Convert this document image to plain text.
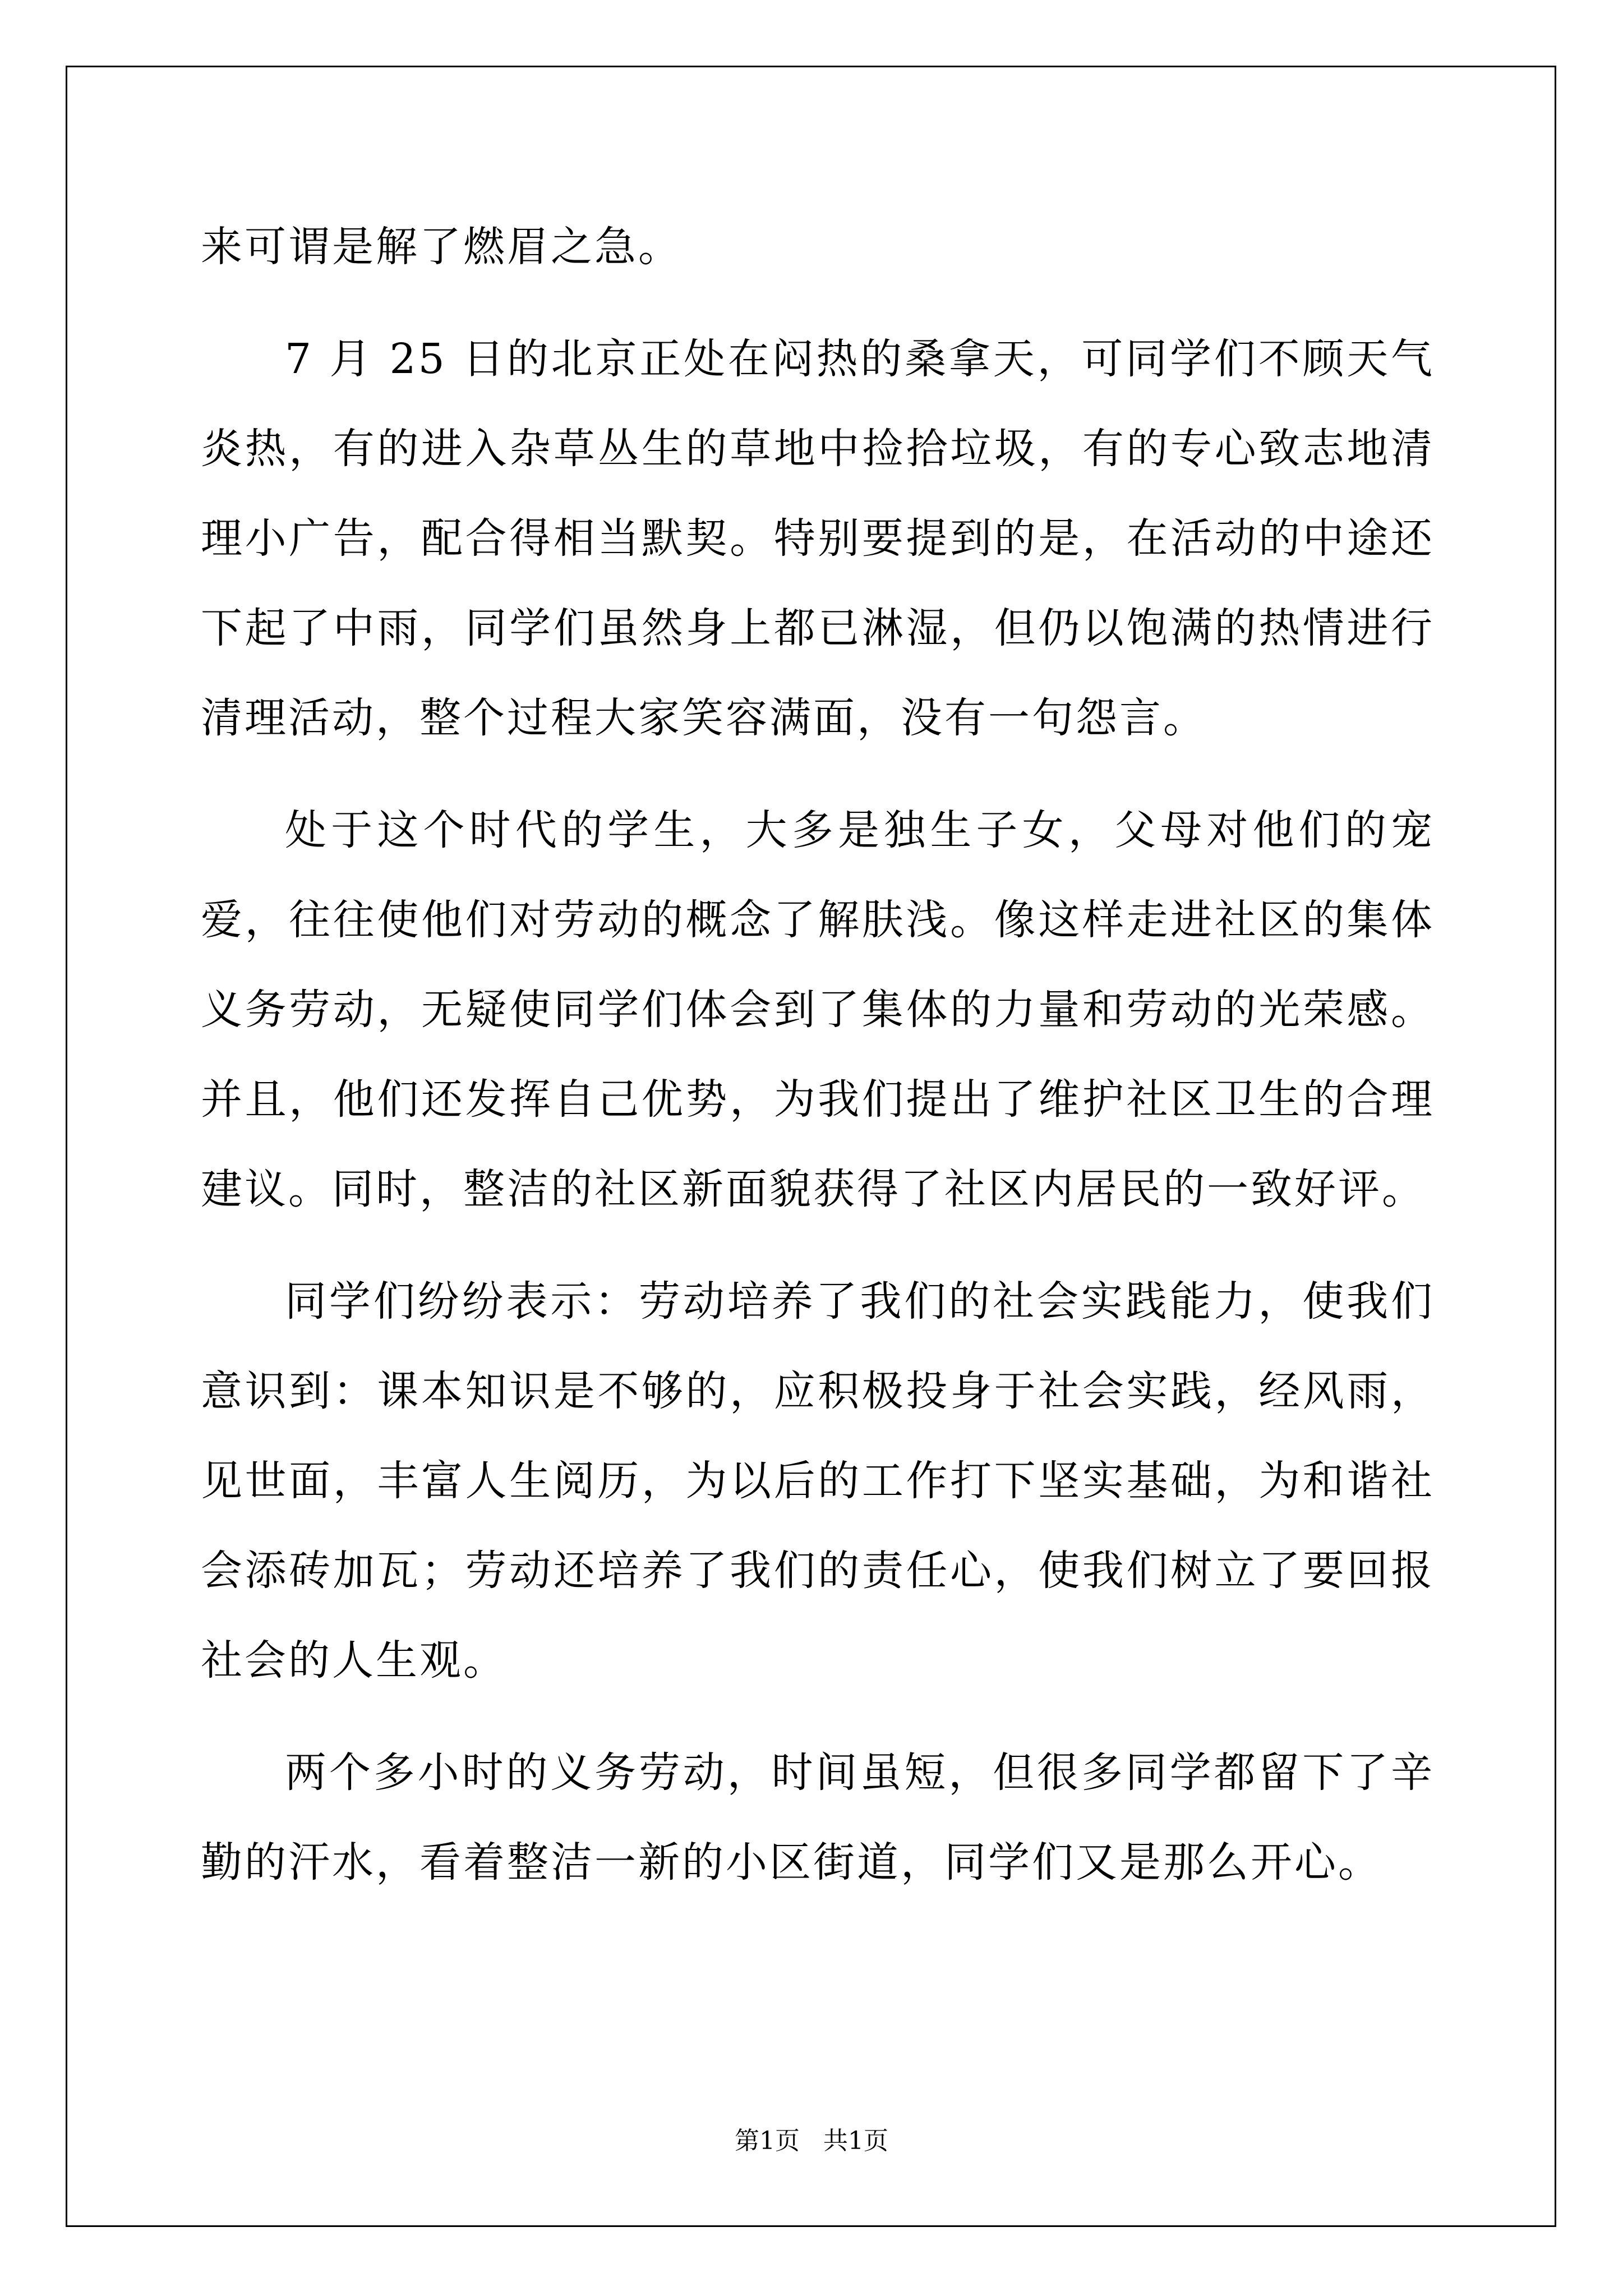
来可谓是解了燃眉之急。

7 月 25 日的北京正处在闷热的桑拿天，可同学们不顾天气炎热，有的进入杂草丛生的草地中捡拾垃圾，有的专心致志地清理小广告，配合得相当默契。特别要提到的是，在活动的中途还下起了中雨，同学们虽然身上都已淋湿，但仍以饱满的热情进行清理活动，整个过程大家笑容满面，没有一句怨言。

处于这个时代的学生，大多是独生子女，父母对他们的宠爱，往往使他们对劳动的概念了解肤浅。像这样走进社区的集体义务劳动，无疑使同学们体会到了集体的力量和劳动的光荣感。并且，他们还发挥自己优势，为我们提出了维护社区卫生的合理建议。同时，整洁的社区新面貌获得了社区内居民的一致好评。

同学们纷纷表示：劳动培养了我们的社会实践能力，使我们意识到：课本知识是不够的，应积极投身于社会实践，经风雨，见世面，丰富人生阅历，为以后的工作打下坚实基础，为和谐社会添砖加瓦；劳动还培养了我们的责任心，使我们树立了要回报社会的人生观。

两个多小时的义务劳动，时间虽短，但很多同学都留下了辛勤的汗水，看着整洁一新的小区街道，同学们又是那么开心。

第1页 共1页
